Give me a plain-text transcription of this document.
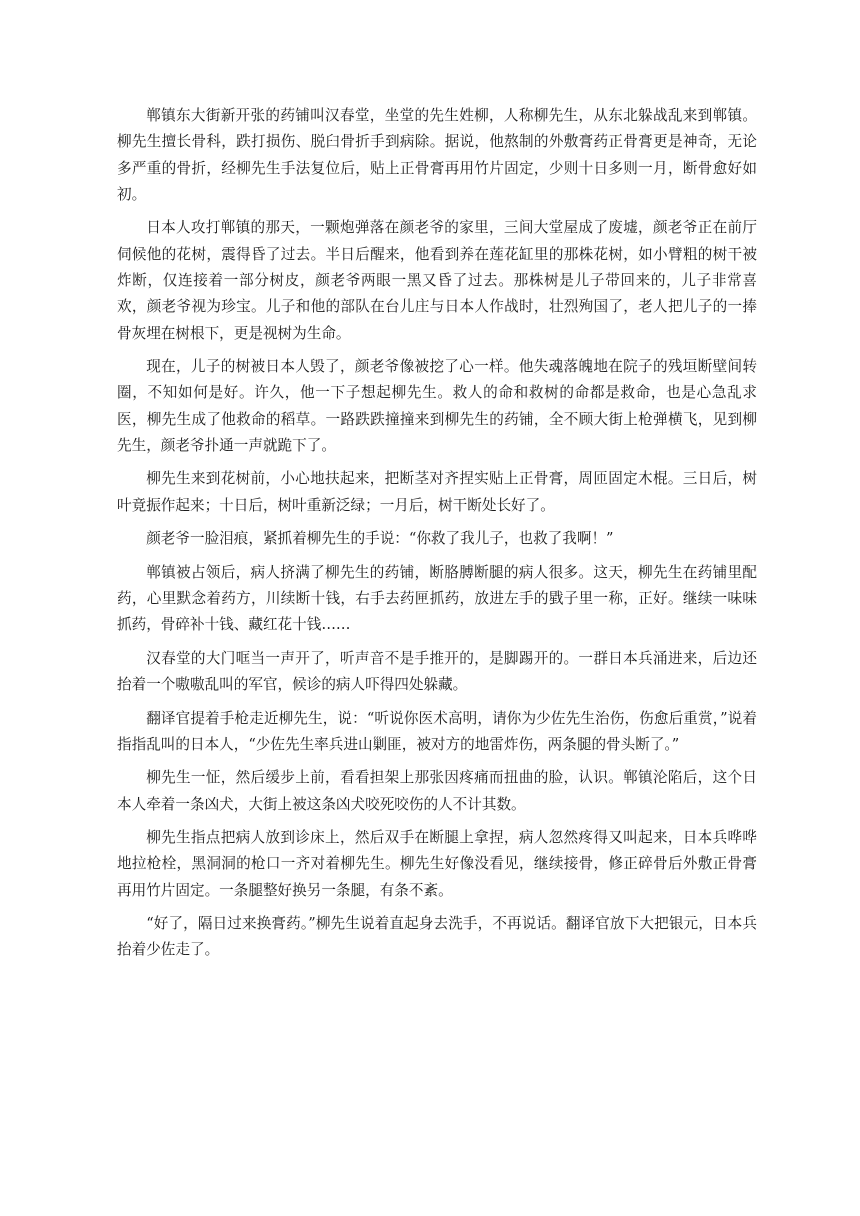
郸镇东大街新开张的药铺叫汉春堂，坐堂的先生姓柳，人称柳先生，从东北躲战乱来到郸镇。柳先生擅长骨科，跌打损伤、脱臼骨折手到病除。据说，他熬制的外敷膏药正骨膏更是神奇，无论多严重的骨折，经柳先生手法复位后，贴上正骨膏再用竹片固定，少则十日多则一月，断骨愈好如初。

日本人攻打郸镇的那天，一颗炮弹落在颜老爷的家里，三间大堂屋成了废墟，颜老爷正在前厅伺候他的花树，震得昏了过去。半日后醒来，他看到养在莲花缸里的那株花树，如小臂粗的树干被炸断，仅连接着一部分树皮，颜老爷两眼一黑又昏了过去。那株树是儿子带回来的，儿子非常喜欢，颜老爷视为珍宝。儿子和他的部队在台儿庄与日本人作战时，壮烈殉国了，老人把儿子的一捧骨灰埋在树根下，更是视树为生命。

现在，儿子的树被日本人毁了，颜老爷像被挖了心一样。他失魂落魄地在院子的残垣断壁间转圈，不知如何是好。许久，他一下子想起柳先生。救人的命和救树的命都是救命，也是心急乱求医，柳先生成了他救命的稻草。一路跌跌撞撞来到柳先生的药铺，全不顾大街上枪弹横飞，见到柳先生，颜老爷扑通一声就跪下了。

柳先生来到花树前，小心地扶起来，把断茎对齐捏实贴上正骨膏，周匝固定木棍。三日后，树叶竟振作起来；十日后，树叶重新泛绿；一月后，树干断处长好了。

颜老爷一脸泪痕，紧抓着柳先生的手说：“你救了我儿子，也救了我啊！”

郸镇被占领后，病人挤满了柳先生的药铺，断胳膊断腿的病人很多。这天，柳先生在药铺里配药，心里默念着药方，川续断十钱，右手去药匣抓药，放进左手的戥子里一称，正好。继续一味味抓药，骨碎补十钱、藏红花十钱……

汉春堂的大门哐当一声开了，听声音不是手推开的，是脚踢开的。一群日本兵涌进来，后边还抬着一个嗷嗷乱叫的军官，候诊的病人吓得四处躲藏。

翻译官提着手枪走近柳先生，说：“听说你医术高明，请你为少佐先生治伤，伤愈后重赏，”说着指指乱叫的日本人，“少佐先生率兵进山剿匪，被对方的地雷炸伤，两条腿的骨头断了。”

柳先生一怔，然后缓步上前，看看担架上那张因疼痛而扭曲的脸，认识。郸镇沦陷后，这个日本人牵着一条凶犬，大街上被这条凶犬咬死咬伤的人不计其数。

柳先生指点把病人放到诊床上，然后双手在断腿上拿捏，病人忽然疼得又叫起来，日本兵哗哗地拉枪栓，黑洞洞的枪口一齐对着柳先生。柳先生好像没看见，继续接骨，修正碎骨后外敷正骨膏再用竹片固定。一条腿整好换另一条腿，有条不紊。

“好了，隔日过来换膏药。”柳先生说着直起身去洗手，不再说话。翻译官放下大把银元，日本兵抬着少佐走了。
